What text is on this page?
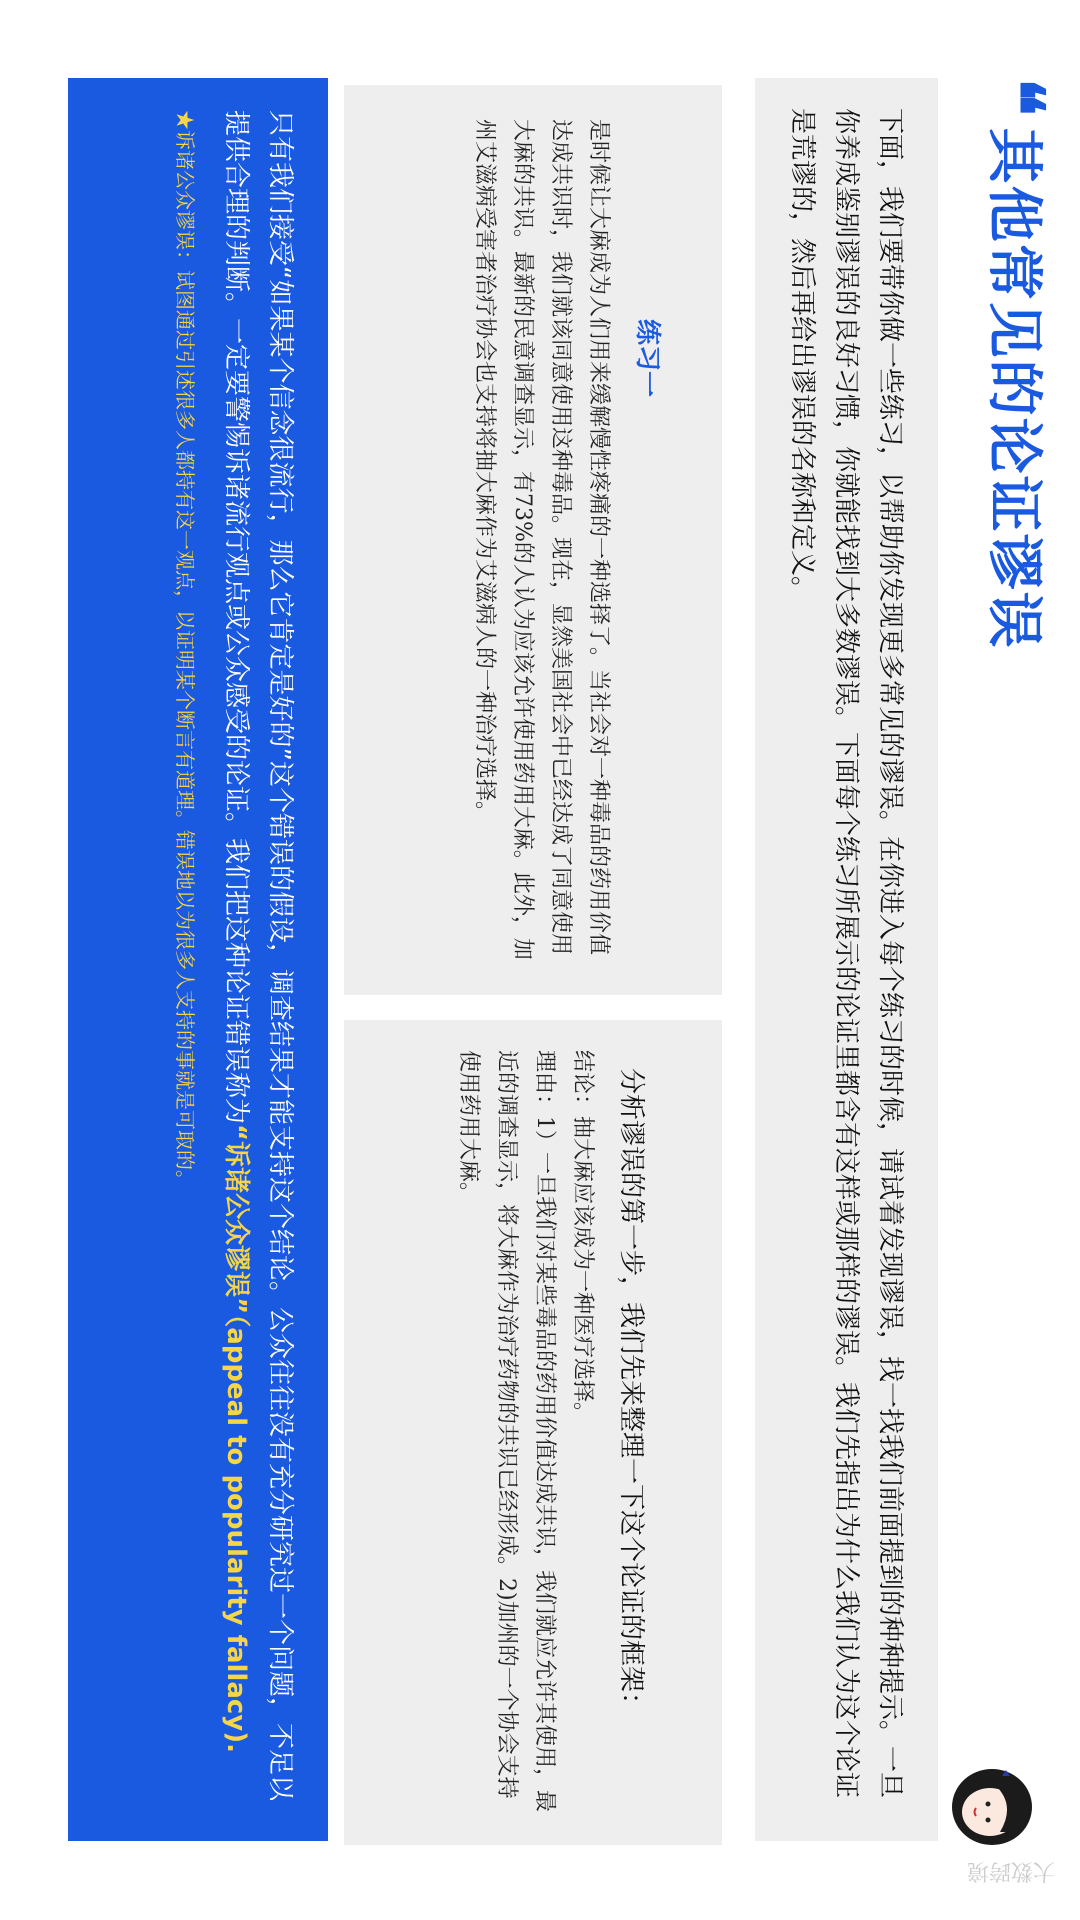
❝
其他常见的论证谬误

下面，我们要带你做一些练习，以帮助你发现更多常见的谬误。在你进入每个练习的时候，请试着发现谬误，找一找我们前面提到的种种提示。一旦你养成鉴别谬误的良好习惯，你就能找到大多数谬误。下面每个练习所展示的论证里都含有这样或那样的谬误。我们先指出为什么我们认为这个论证是荒谬的，然后再给出谬误的名称和定义。

练习一

是时候让大麻成为人们用来缓解慢性疼痛的一种选择了。当社会对一种毒品的药用价值达成共识时，我们就该同意使用这种毒品。现在，显然美国社会中已经达成了同意使用大麻的共识。最新的民意调查显示，有73%的人认为应该允许使用药用大麻。此外，加州艾滋病受害者治疗协会也支持将抽大麻作为艾滋病人的一种治疗选择。

分析谬误的第一步，我们先来整理一下这个论证的框架：

结论：抽大麻应该成为一种医疗选择。

理由：1）一旦我们对某些毒品的药用价值达成共识，我们就应允许其使用，最近的调查显示，将大麻作为治疗药物的共识已经形成。2)加州的一个协会支持使用药用大麻。

只有我们接受“如果某个信念很流行，那么它肯定是好的”这个错误的假设，调查结果才能支持这个结论。公众往往没有充分研究过一个问题，不足以提供合理的判断。一定要警惕诉诸流行观点或公众感受的论证。我们把这种论证错误称为“诉诸公众谬误”（appeal to popularity fallacy).

★诉诸公众谬误：试图通过引述很多人都持有这一观点，以证明某个断言有道理。错误地以为很多人支持的事就是可取的。
大数跨境
